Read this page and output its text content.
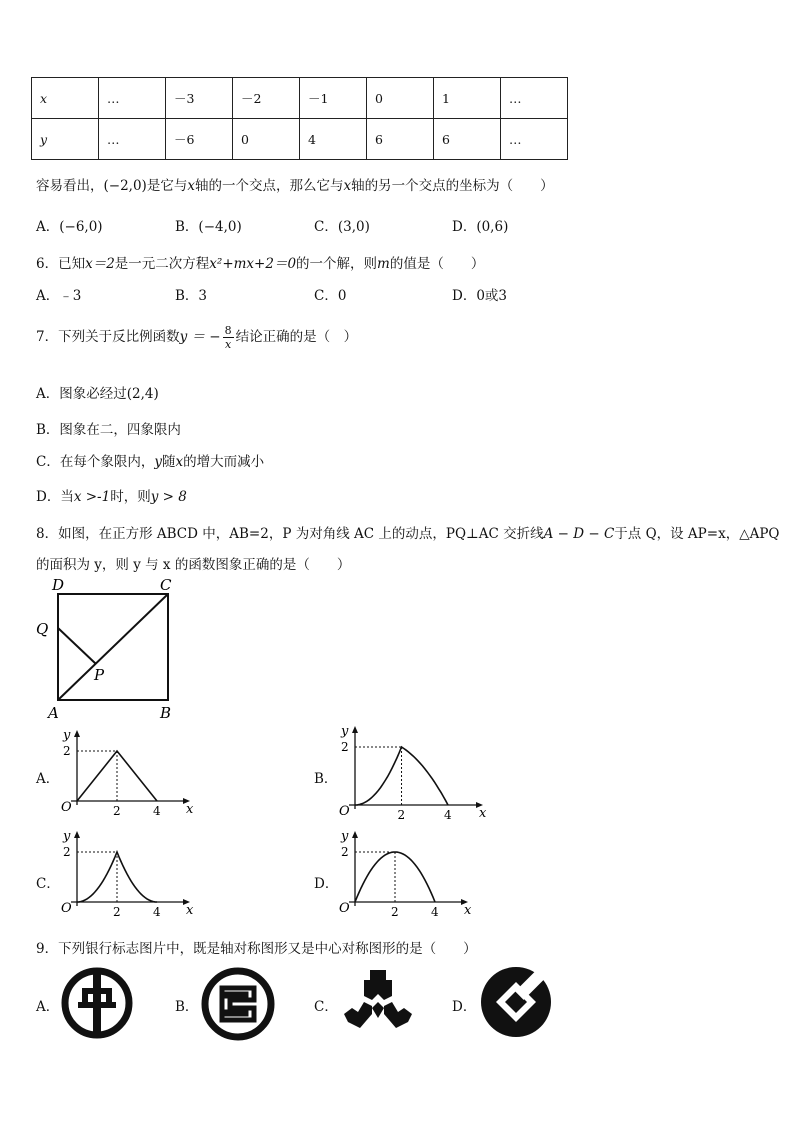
x	…	－3	－2	－1	0	1	…
y	…	－6	0	4	6	6	…
容易看出，(−2,0)是它与x轴的一个交点，那么它与x轴的另一个交点的坐标为（　　）
A．(−6,0)	B．(−4,0)	C．(3,0)	D．(0,6)
6．已知x＝2是一元二次方程x²+mx+2＝0的一个解，则m的值是（　　）
A．﹣3	B．3	C．0	D．0或3
7．下列关于反比例函数y ＝ − $\frac{8}{x}$ 结论正确的是（　）
A．图象必经过(2,4)
B．图象在二，四象限内
C．在每个象限内，y随x的增大而减小
D．当x >-1时，则y > 8
8．如图，在正方形 ABCD 中，AB=2，P 为对角线 AC 上的动点，PQ⊥AC 交折线A − D − C于点 Q，设 AP=x，△APQ
的面积为 y，则 y 与 x 的函数图象正确的是（　　）
D	C
Q
P
A	B
A．	B．
C．	D．
y
x
O
2
2	4
y
x
O
2
2	4
y
x
O
2
2	4
y
x
O
2
2	4
9．下列银行标志图片中，既是轴对称图形又是中心对称图形的是（　　）
A．	B．	C．	D．
